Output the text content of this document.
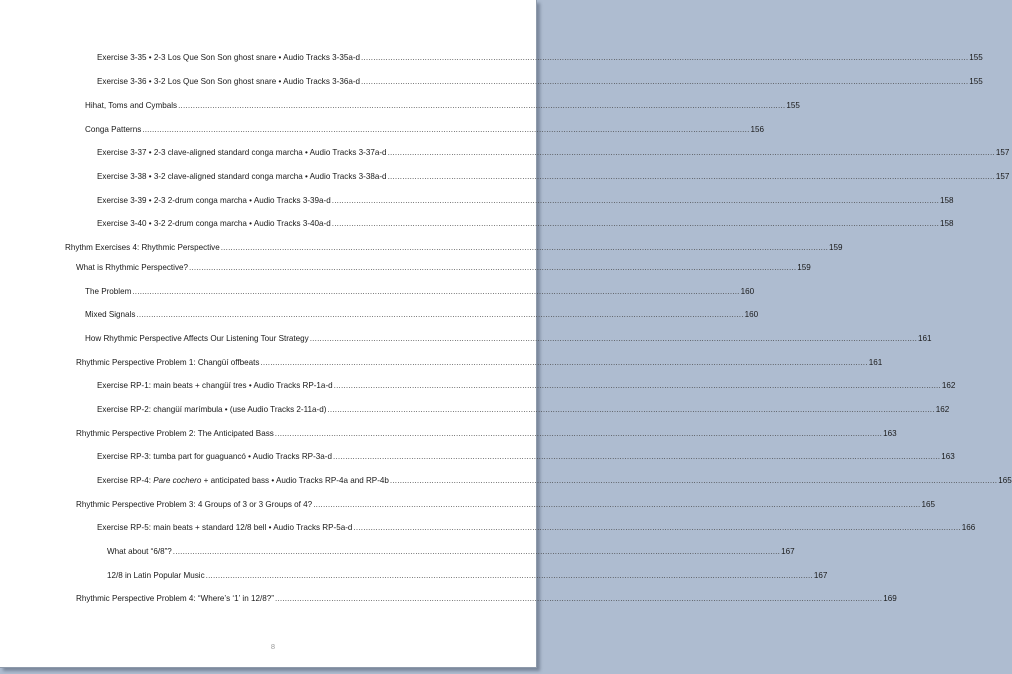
Exercise 3-35 • 2-3 Los Que Son Son ghost snare • Audio Tracks 3-35a-d .....	155
Exercise 3-36 • 3-2 Los Que Son Son ghost snare • Audio Tracks 3-36a-d .....	155
Hihat, Toms and Cymbals .....	155
Conga Patterns .....	156
Exercise 3-37 • 2-3 clave-aligned standard conga marcha • Audio Tracks 3-37a-d .....	157
Exercise 3-38 • 3-2 clave-aligned standard conga marcha • Audio Tracks 3-38a-d .....	157
Exercise 3-39 • 2-3 2-drum conga marcha • Audio Tracks 3-39a-d .....	158
Exercise 3-40 • 3-2 2-drum conga marcha • Audio Tracks 3-40a-d .....	158
Rhythm Exercises 4: Rhythmic Perspective .....	159
What is Rhythmic Perspective? .....	159
The Problem .....	160
Mixed Signals .....	160
How Rhythmic Perspective Affects Our Listening Tour Strategy .....	161
Rhythmic Perspective Problem 1: Changüí offbeats .....	161
Exercise RP-1: main beats + changüí tres • Audio Tracks RP-1a-d .....	162
Exercise RP-2: changüí marímbula • (use Audio Tracks 2-11a-d) .....	162
Rhythmic Perspective Problem 2: The Anticipated Bass .....	163
Exercise RP-3: tumba part for guaguancó • Audio Tracks RP-3a-d .....	163
Exercise RP-4: Pare cochero + anticipated bass • Audio Tracks RP-4a and RP-4b .....	165
Rhythmic Perspective Problem 3: 4 Groups of 3 or 3 Groups of 4? .....	165
Exercise RP-5: main beats + standard 12/8 bell • Audio Tracks RP-5a-d .....	166
What about “6/8”? .....	167
12/8 in Latin Popular Music .....	167
Rhythmic Perspective Problem 4: “Where’s ‘1’ in 12/8?” .....	169
8
